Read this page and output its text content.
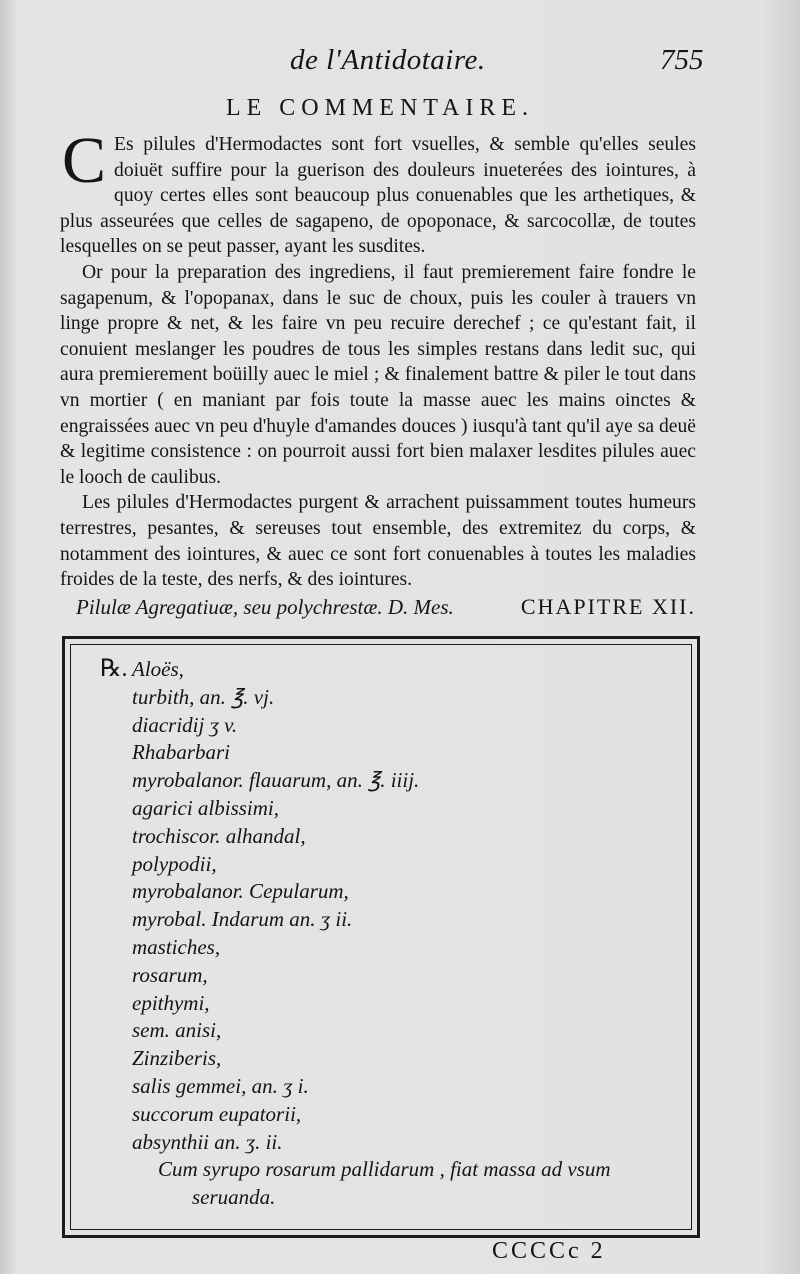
de l'Antidotaire.	755
LE COMMENTAIRE.

C Es pilules d'Hermodactes sont fort vsuelles, & semble qu'elles seules doiuët suffire pour la guerison des douleurs inueterées des iointures, à quoy certes elles sont beaucoup plus conuenables que les arthetiques, & plus asseurées que celles de sagapeno, de opoponace, & sarcocollæ, de toutes lesquelles on se peut passer, ayant les susdites.

Or pour la preparation des ingrediens, il faut premierement faire fondre le sagapenum, & l'opopanax, dans le suc de choux, puis les couler à trauers vn linge propre & net, & les faire vn peu recuire derechef ; ce qu'estant fait, il conuient meslanger les poudres de tous les simples restans dans ledit suc, qui aura premierement boüilly auec le miel ; & finalement battre & piler le tout dans vn mortier ( en maniant par fois toute la masse auec les mains oinctes & engraissées auec vn peu d'huyle d'amandes douces ) iusqu'à tant qu'il aye sa deuë & legitime consistence : on pourroit aussi fort bien malaxer lesdites pilules auec le looch de caulibus.

Les pilules d'Hermodactes purgent & arrachent puissamment toutes humeurs terrestres, pesantes, & sereuses tout ensemble, des extremitez du corps, & notamment des iointures, & auec ce sont fort conuenables à toutes les maladies froides de la teste, des nerfs, & des iointures.

Pilulæ Agregatiuæ, seu polychrestæ. D. Mes.	CHAPITRE XII.
℞. Aloës,
turbith, an. ℥. vj.
diacridij ʒ v.
Rhabarbari
myrobalanor. flauarum, an. ℥. iiij.
agarici albissimi,
trochiscor. alhandal,
polypodii,
myrobalanor. Cepularum,
myrobal. Indarum an. ʒ ii.
mastiches,
rosarum,
epithymi,
sem. anisi,
Zinziberis,
salis gemmei, an. ʒ i.
succorum eupatorii,
absynthii an. ʒ. ii.
Cum syrupo rosarum pallidarum , fiat massa ad vsum
seruanda.
CCCCc 2
